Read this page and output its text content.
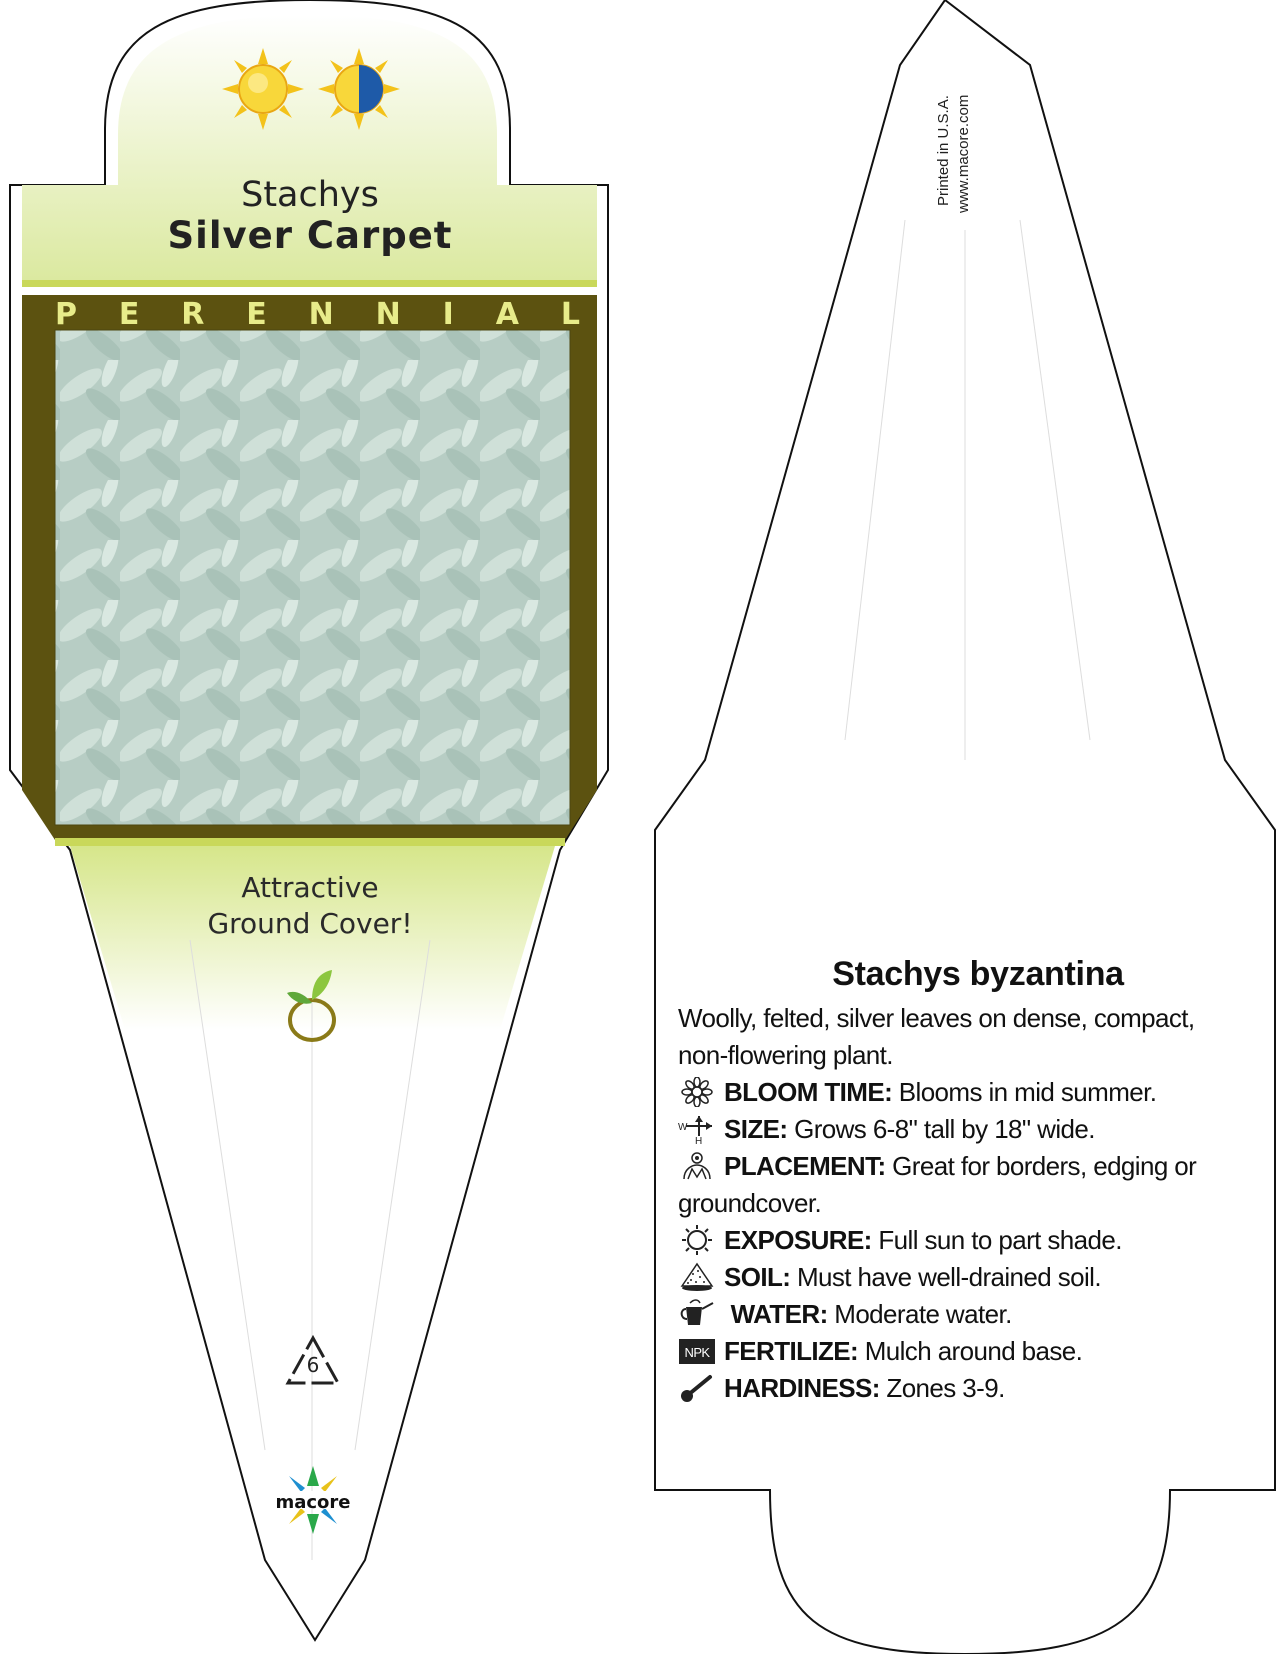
Stachys
Silver Carpet
P E R E N N I A L
Attractive
Ground Cover!
6
macore
Printed in U.S.A. www.macore.com
Stachys byzantina
Woolly, felted, silver leaves on dense, compact, non-flowering plant.
BLOOM TIME: Blooms in mid summer.
W
H SIZE: Grows 6-8" tall by 18" wide.
PLACEMENT: Great for borders, edging or
groundcover.
EXPOSURE: Full sun to part shade.
SOIL: Must have well-drained soil.
WATER: Moderate water.
NPK FERTILIZE: Mulch around base.
HARDINESS: Zones 3-9.
